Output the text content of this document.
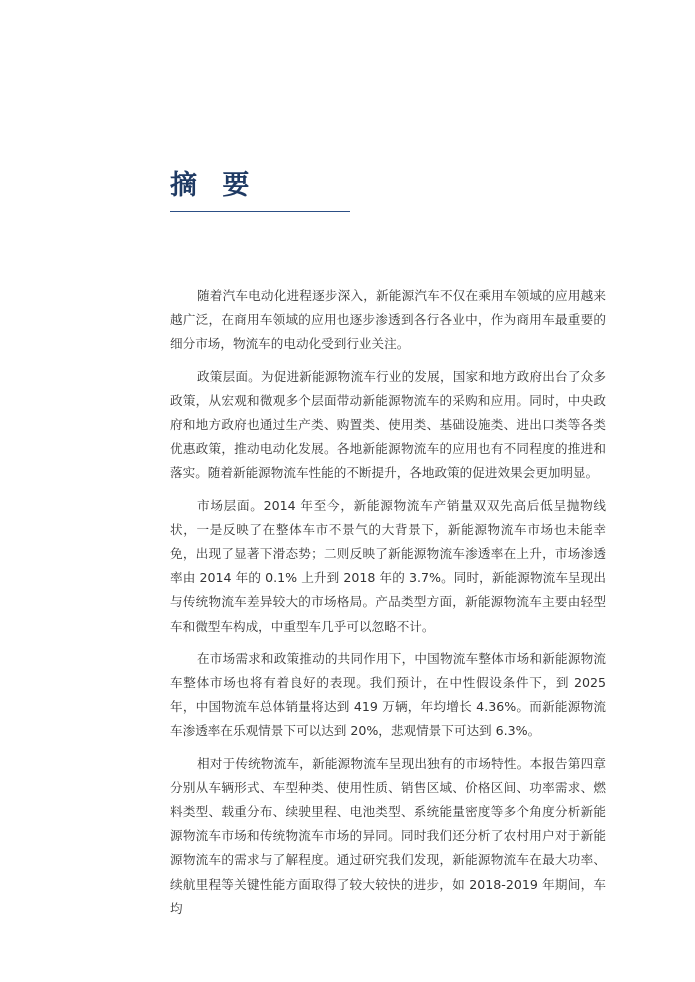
摘 要

随着汽车电动化进程逐步深入，新能源汽车不仅在乘用车领域的应用越来越广泛，在商用车领域的应用也逐步渗透到各行各业中，作为商用车最重要的细分市场，物流车的电动化受到行业关注。

政策层面。为促进新能源物流车行业的发展，国家和地方政府出台了众多政策，从宏观和微观多个层面带动新能源物流车的采购和应用。同时，中央政府和地方政府也通过生产类、购置类、使用类、基础设施类、进出口类等各类优惠政策，推动电动化发展。各地新能源物流车的应用也有不同程度的推进和落实。随着新能源物流车性能的不断提升，各地政策的促进效果会更加明显。

市场层面。2014 年至今，新能源物流车产销量双双先高后低呈抛物线状，一是反映了在整体车市不景气的大背景下，新能源物流车市场也未能幸免，出现了显著下滑态势；二则反映了新能源物流车渗透率在上升，市场渗透率由 2014 年的 0.1% 上升到 2018 年的 3.7%。同时，新能源物流车呈现出与传统物流车差异较大的市场格局。产品类型方面，新能源物流车主要由轻型车和微型车构成，中重型车几乎可以忽略不计。

在市场需求和政策推动的共同作用下，中国物流车整体市场和新能源物流车整体市场也将有着良好的表现。我们预计，在中性假设条件下，到 2025 年，中国物流车总体销量将达到 419 万辆，年均增长 4.36%。而新能源物流车渗透率在乐观情景下可以达到 20%，悲观情景下可达到 6.3%。

相对于传统物流车，新能源物流车呈现出独有的市场特性。本报告第四章分别从车辆形式、车型种类、使用性质、销售区域、价格区间、功率需求、燃料类型、载重分布、续驶里程、电池类型、系统能量密度等多个角度分析新能源物流车市场和传统物流车市场的异同。同时我们还分析了农村用户对于新能源物流车的需求与了解程度。通过研究我们发现，新能源物流车在最大功率、续航里程等关键性能方面取得了较大较快的进步，如 2018-2019 年期间，车均
